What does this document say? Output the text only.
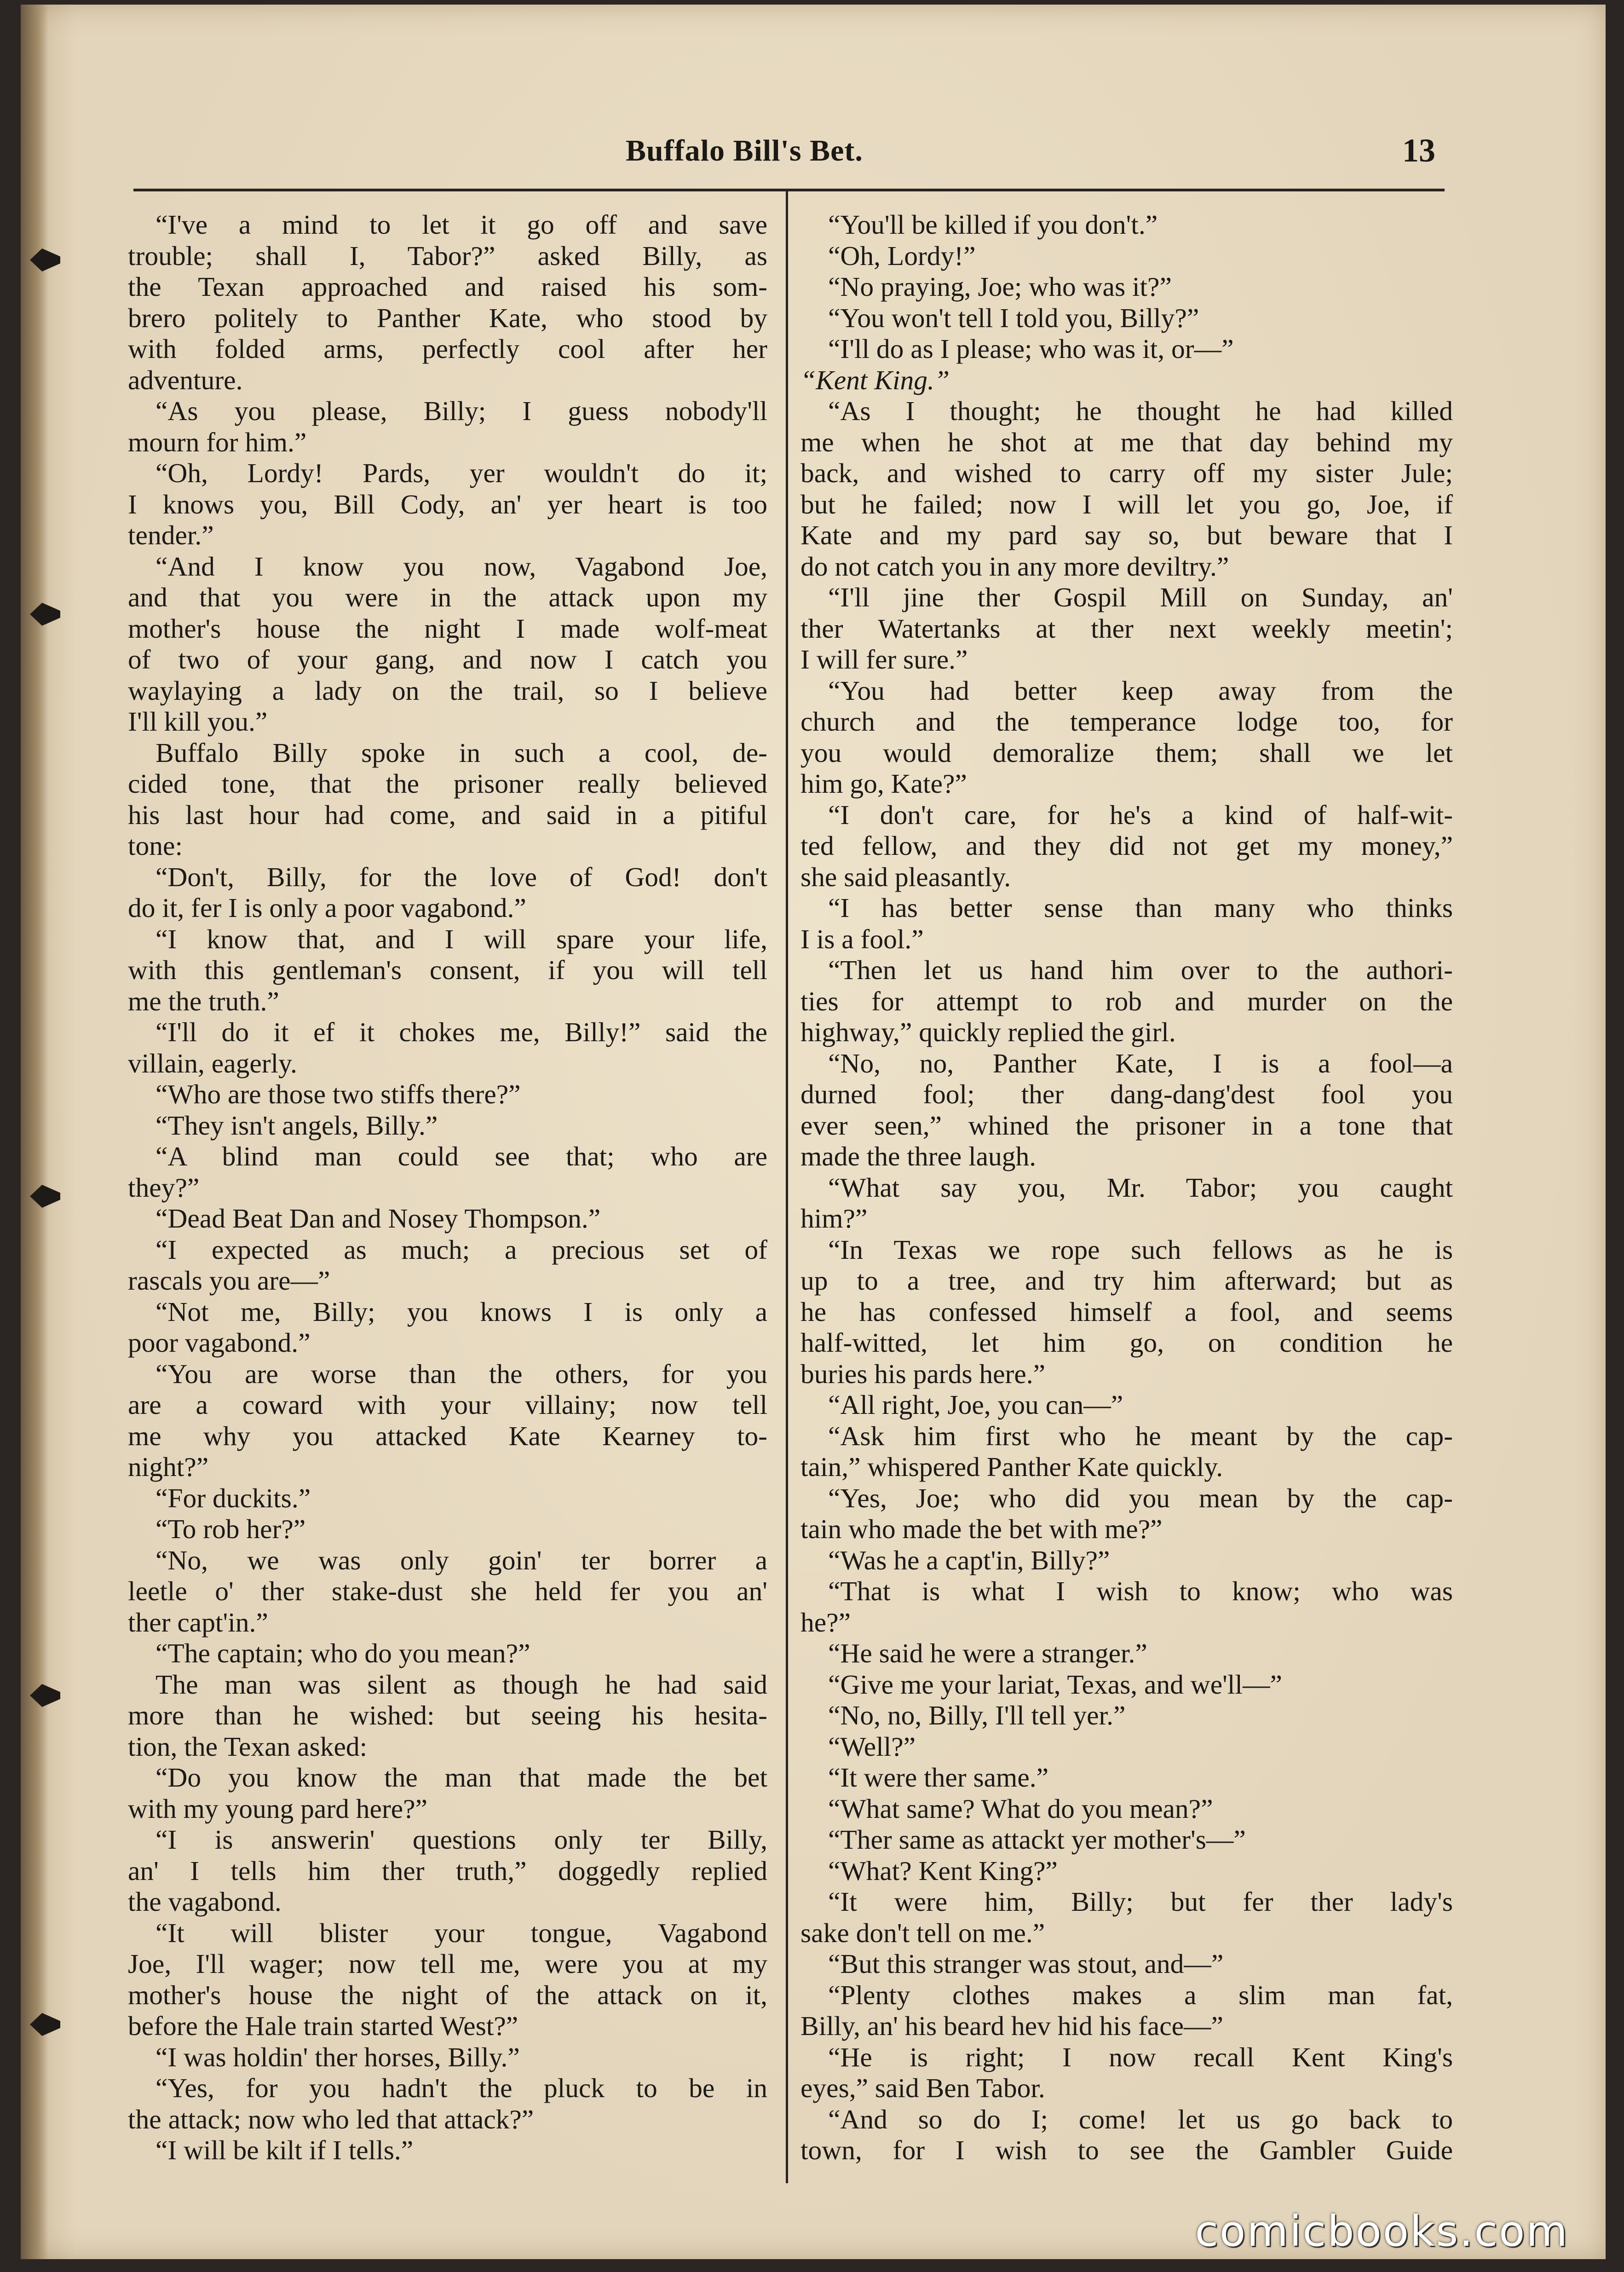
Buffalo Bill's Bet.	13
“I've a mind to let it go off and save
trouble; shall I, Tabor?” asked Billy, as
the Texan approached and raised his som-
brero politely to Panther Kate, who stood by
with folded arms, perfectly cool after her
adventure.
“As you please, Billy; I guess nobody'll
mourn for him.”
“Oh, Lordy! Pards, yer wouldn't do it;
I knows you, Bill Cody, an' yer heart is too
tender.”
“And I know you now, Vagabond Joe,
and that you were in the attack upon my
mother's house the night I made wolf-meat
of two of your gang, and now I catch you
waylaying a lady on the trail, so I believe
I'll kill you.”
Buffalo Billy spoke in such a cool, de-
cided tone, that the prisoner really believed
his last hour had come, and said in a pitiful
tone:
“Don't, Billy, for the love of God! don't
do it, fer I is only a poor vagabond.”
“I know that, and I will spare your life,
with this gentleman's consent, if you will tell
me the truth.”
“I'll do it ef it chokes me, Billy!” said the
villain, eagerly.
“Who are those two stiffs there?”
“They isn't angels, Billy.”
“A blind man could see that; who are
they?”
“Dead Beat Dan and Nosey Thompson.”
“I expected as much; a precious set of
rascals you are—”
“Not me, Billy; you knows I is only a
poor vagabond.”
“You are worse than the others, for you
are a coward with your villainy; now tell
me why you attacked Kate Kearney to-
night?”
“For duckits.”
“To rob her?”
“No, we was only goin' ter borrer a
leetle o' ther stake-dust she held fer you an'
ther capt'in.”
“The captain; who do you mean?”
The man was silent as though he had said
more than he wished: but seeing his hesita-
tion, the Texan asked:
“Do you know the man that made the bet
with my young pard here?”
“I is answerin' questions only ter Billy,
an' I tells him ther truth,” doggedly replied
the vagabond.
“It will blister your tongue, Vagabond
Joe, I'll wager; now tell me, were you at my
mother's house the night of the attack on it,
before the Hale train started West?”
“I was holdin' ther horses, Billy.”
“Yes, for you hadn't the pluck to be in
the attack; now who led that attack?”
“I will be kilt if I tells.”
“You'll be killed if you don't.”
“Oh, Lordy!”
“No praying, Joe; who was it?”
“You won't tell I told you, Billy?”
“I'll do as I please; who was it, or—”
“Kent King.”
“As I thought; he thought he had killed
me when he shot at me that day behind my
back, and wished to carry off my sister Jule;
but he failed; now I will let you go, Joe, if
Kate and my pard say so, but beware that I
do not catch you in any more deviltry.”
“I'll jine ther Gospil Mill on Sunday, an'
ther Watertanks at ther next weekly meetin';
I will fer sure.”
“You had better keep away from the
church and the temperance lodge too, for
you would demoralize them; shall we let
him go, Kate?”
“I don't care, for he's a kind of half-wit-
ted fellow, and they did not get my money,”
she said pleasantly.
“I has better sense than many who thinks
I is a fool.”
“Then let us hand him over to the authori-
ties for attempt to rob and murder on the
highway,” quickly replied the girl.
“No, no, Panther Kate, I is a fool—a
durned fool; ther dang-dang'dest fool you
ever seen,” whined the prisoner in a tone that
made the three laugh.
“What say you, Mr. Tabor; you caught
him?”
“In Texas we rope such fellows as he is
up to a tree, and try him afterward; but as
he has confessed himself a fool, and seems
half-witted, let him go, on condition he
buries his pards here.”
“All right, Joe, you can—”
“Ask him first who he meant by the cap-
tain,” whispered Panther Kate quickly.
“Yes, Joe; who did you mean by the cap-
tain who made the bet with me?”
“Was he a capt'in, Billy?”
“That is what I wish to know; who was
he?”
“He said he were a stranger.”
“Give me your lariat, Texas, and we'll—”
“No, no, Billy, I'll tell yer.”
“Well?”
“It were ther same.”
“What same? What do you mean?”
“Ther same as attackt yer mother's—”
“What? Kent King?”
“It were him, Billy; but fer ther lady's
sake don't tell on me.”
“But this stranger was stout, and—”
“Plenty clothes makes a slim man fat,
Billy, an' his beard hev hid his face—”
“He is right; I now recall Kent King's
eyes,” said Ben Tabor.
“And so do I; come! let us go back to
town, for I wish to see the Gambler Guide
comicbooks.com
